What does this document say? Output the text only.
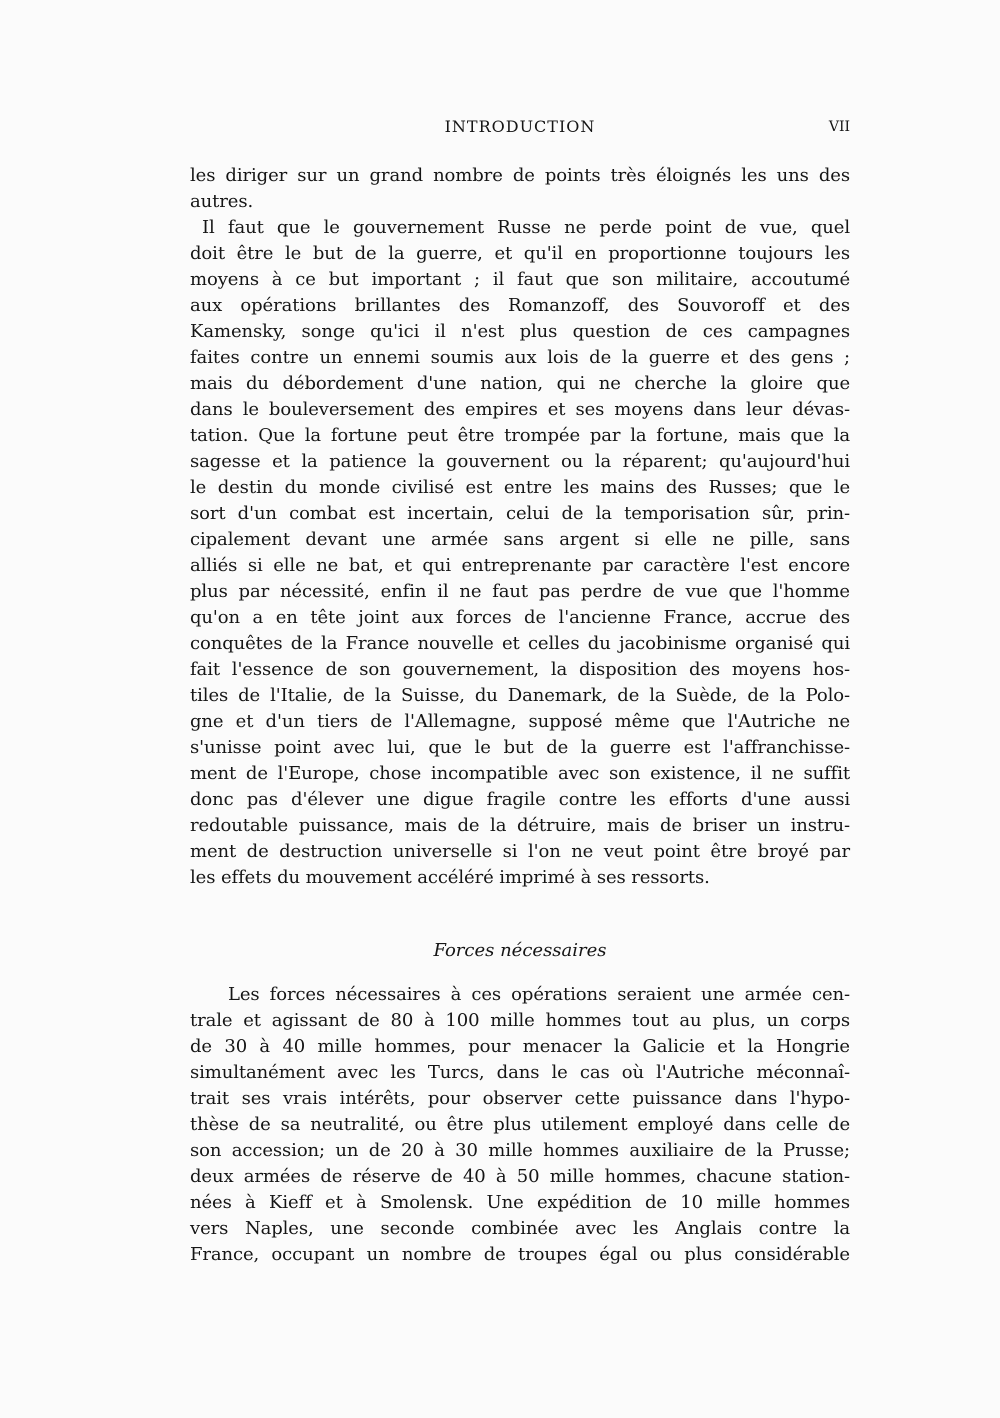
INTRODUCTION	VII
les diriger sur un grand nombre de points très éloignés les uns des
autres.
Il faut que le gouvernement Russe ne perde point de vue, quel
doit être le but de la guerre, et qu'il en proportionne toujours les
moyens à ce but important ; il faut que son militaire, accoutumé
aux opérations brillantes des Romanzoff, des Souvoroff et des
Kamensky, songe qu'ici il n'est plus question de ces campagnes
faites contre un ennemi soumis aux lois de la guerre et des gens ;
mais du débordement d'une nation, qui ne cherche la gloire que
dans le bouleversement des empires et ses moyens dans leur dévas-
tation. Que la fortune peut être trompée par la fortune, mais que la
sagesse et la patience la gouvernent ou la réparent; qu'aujourd'hui
le destin du monde civilisé est entre les mains des Russes; que le
sort d'un combat est incertain, celui de la temporisation sûr, prin-
cipalement devant une armée sans argent si elle ne pille, sans
alliés si elle ne bat, et qui entreprenante par caractère l'est encore
plus par nécessité, enfin il ne faut pas perdre de vue que l'homme
qu'on a en tête joint aux forces de l'ancienne France, accrue des
conquêtes de la France nouvelle et celles du jacobinisme organisé qui
fait l'essence de son gouvernement, la disposition des moyens hos-
tiles de l'Italie, de la Suisse, du Danemark, de la Suède, de la Polo-
gne et d'un tiers de l'Allemagne, supposé même que l'Autriche ne
s'unisse point avec lui, que le but de la guerre est l'affranchisse-
ment de l'Europe, chose incompatible avec son existence, il ne suffit
donc pas d'élever une digue fragile contre les efforts d'une aussi
redoutable puissance, mais de la détruire, mais de briser un instru-
ment de destruction universelle si l'on ne veut point être broyé par
les effets du mouvement accéléré imprimé à ses ressorts.
Forces nécessaires
Les forces nécessaires à ces opérations seraient une armée cen-
trale et agissant de 80 à 100 mille hommes tout au plus, un corps
de 30 à 40 mille hommes, pour menacer la Galicie et la Hongrie
simultanément avec les Turcs, dans le cas où l'Autriche méconnaî-
trait ses vrais intérêts, pour observer cette puissance dans l'hypo-
thèse de sa neutralité, ou être plus utilement employé dans celle de
son accession; un de 20 à 30 mille hommes auxiliaire de la Prusse;
deux armées de réserve de 40 à 50 mille hommes, chacune station-
nées à Kieff et à Smolensk. Une expédition de 10 mille hommes
vers Naples, une seconde combinée avec les Anglais contre la
France, occupant un nombre de troupes égal ou plus considérable
